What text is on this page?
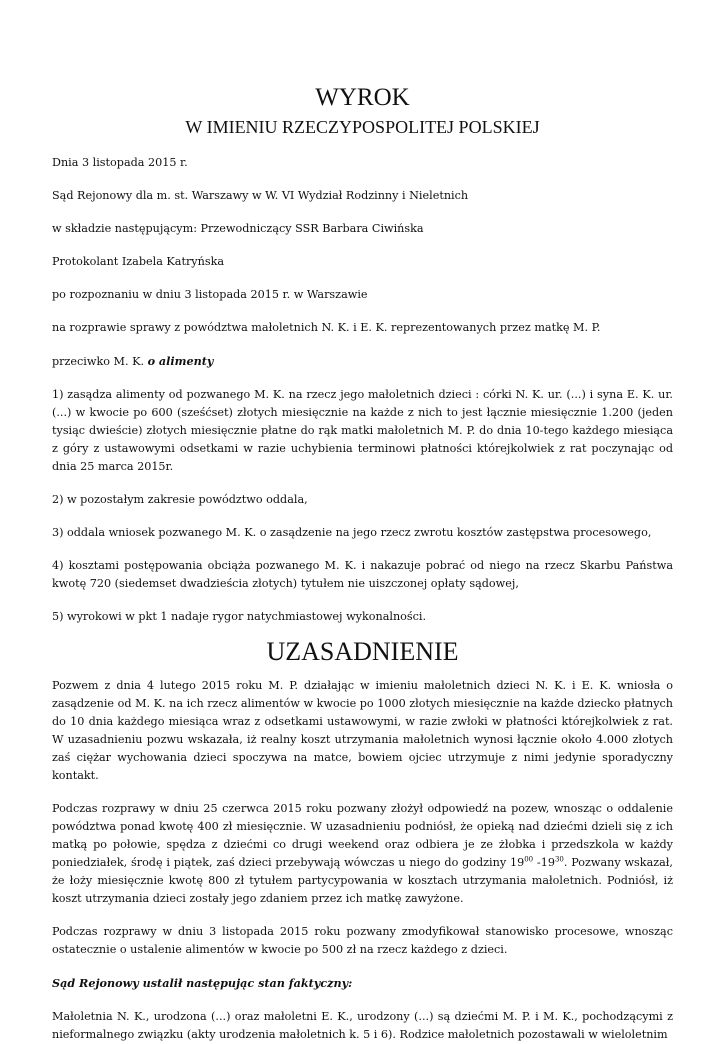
WYROK
W IMIENIU RZECZYPOSPOLITEJ POLSKIEJ

Dnia 3 listopada 2015 r.

Sąd Rejonowy dla m. st. Warszawy w W. VI Wydział Rodzinny i Nieletnich

w składzie następującym: Przewodniczący SSR Barbara Ciwińska

Protokolant Izabela Katryńska

po rozpoznaniu w dniu 3 listopada 2015 r. w Warszawie

na rozprawie sprawy z powództwa małoletnich N. K. i E. K. reprezentowanych przez matkę M. P.

przeciwko M. K. o alimenty

1) zasądza alimenty od pozwanego M. K. na rzecz jego małoletnich dzieci : córki N. K. ur. (...) i syna E. K. ur. (...) w kwocie po 600 (sześćset) złotych miesięcznie na każde z nich to jest łącznie miesięcznie 1.200 (jeden tysiąc dwieście) złotych miesięcznie płatne do rąk matki małoletnich M. P. do dnia 10-tego każdego miesiąca z góry z ustawowymi odsetkami w razie uchybienia terminowi płatności którejkolwiek z rat poczynając od dnia 25 marca 2015r.

2) w pozostałym zakresie powództwo oddala,

3) oddala wniosek pozwanego M. K. o zasądzenie na jego rzecz zwrotu kosztów zastępstwa procesowego,

4) kosztami postępowania obciąża pozwanego M. K. i nakazuje pobrać od niego na rzecz Skarbu Państwa kwotę 720 (siedemset dwadzieścia złotych) tytułem nie uiszczonej opłaty sądowej,

5) wyrokowi w pkt 1 nadaje rygor natychmiastowej wykonalności.

UZASADNIENIE

Pozwem z dnia 4 lutego 2015 roku M. P. działając w imieniu małoletnich dzieci N. K. i E. K. wniosła o zasądzenie od M. K. na ich rzecz alimentów w kwocie po 1000 złotych miesięcznie na każde dziecko płatnych do 10 dnia każdego miesiąca wraz z odsetkami ustawowymi, w razie zwłoki w płatności którejkolwiek z rat. W uzasadnieniu pozwu wskazała, iż realny koszt utrzymania małoletnich wynosi łącznie około 4.000 złotych zaś ciężar wychowania dzieci spoczywa na matce, bowiem ojciec utrzymuje z nimi jedynie sporadyczny kontakt.

Podczas rozprawy w dniu 25 czerwca 2015 roku pozwany złożył odpowiedź na pozew, wnosząc o oddalenie powództwa ponad kwotę 400 zł miesięcznie. W uzasadnieniu podniósł, że opieką nad dziećmi dzieli się z ich matką po połowie, spędza z dziećmi co drugi weekend oraz odbiera je ze żłobka i przedszkola w każdy poniedziałek, środę i piątek, zaś dzieci przebywają wówczas u niego do godziny $19^{00}$ $-19^{30}$. Pozwany wskazał, że łoży miesięcznie kwotę 800 zł tytułem partycypowania w kosztach utrzymania małoletnich. Podniósł, iż koszt utrzymania dzieci zostały jego zdaniem przez ich matkę zawyżone.

Podczas rozprawy w dniu 3 listopada 2015 roku pozwany zmodyfikował stanowisko procesowe, wnosząc ostatecznie o ustalenie alimentów w kwocie po 500 zł na rzecz każdego z dzieci.

Sąd Rejonowy ustalił następując stan faktyczny:

Małoletnia N. K., urodzona (...) oraz małoletni E. K., urodzony (...) są dziećmi M. P. i M. K., pochodzącymi z nieformalnego związku (akty urodzenia małoletnich k. 5 i 6). Rodzice małoletnich pozostawali w wieloletnim
